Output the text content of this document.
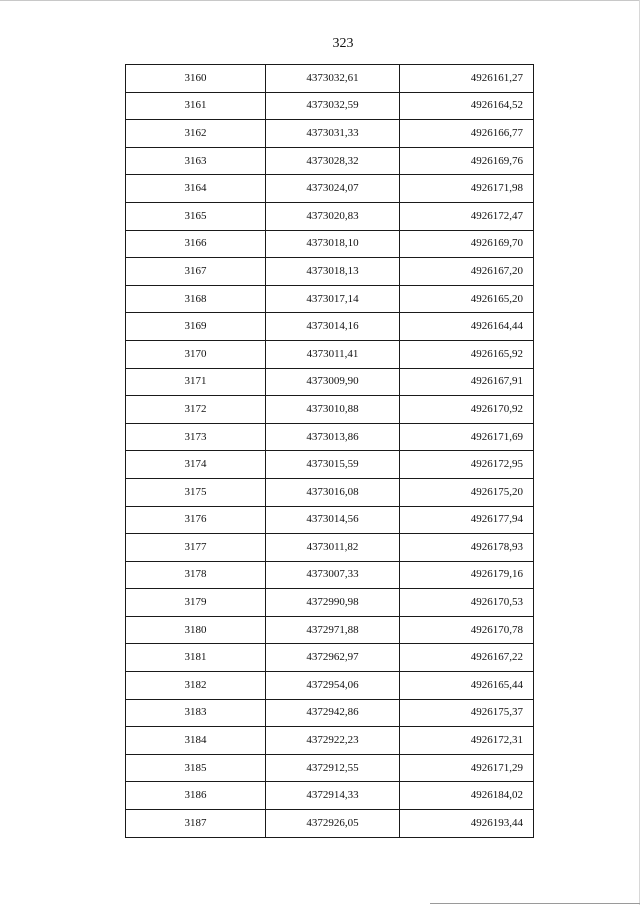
323
3160	4373032,61	4926161,27
3161	4373032,59	4926164,52
3162	4373031,33	4926166,77
3163	4373028,32	4926169,76
3164	4373024,07	4926171,98
3165	4373020,83	4926172,47
3166	4373018,10	4926169,70
3167	4373018,13	4926167,20
3168	4373017,14	4926165,20
3169	4373014,16	4926164,44
3170	4373011,41	4926165,92
3171	4373009,90	4926167,91
3172	4373010,88	4926170,92
3173	4373013,86	4926171,69
3174	4373015,59	4926172,95
3175	4373016,08	4926175,20
3176	4373014,56	4926177,94
3177	4373011,82	4926178,93
3178	4373007,33	4926179,16
3179	4372990,98	4926170,53
3180	4372971,88	4926170,78
3181	4372962,97	4926167,22
3182	4372954,06	4926165,44
3183	4372942,86	4926175,37
3184	4372922,23	4926172,31
3185	4372912,55	4926171,29
3186	4372914,33	4926184,02
3187	4372926,05	4926193,44
